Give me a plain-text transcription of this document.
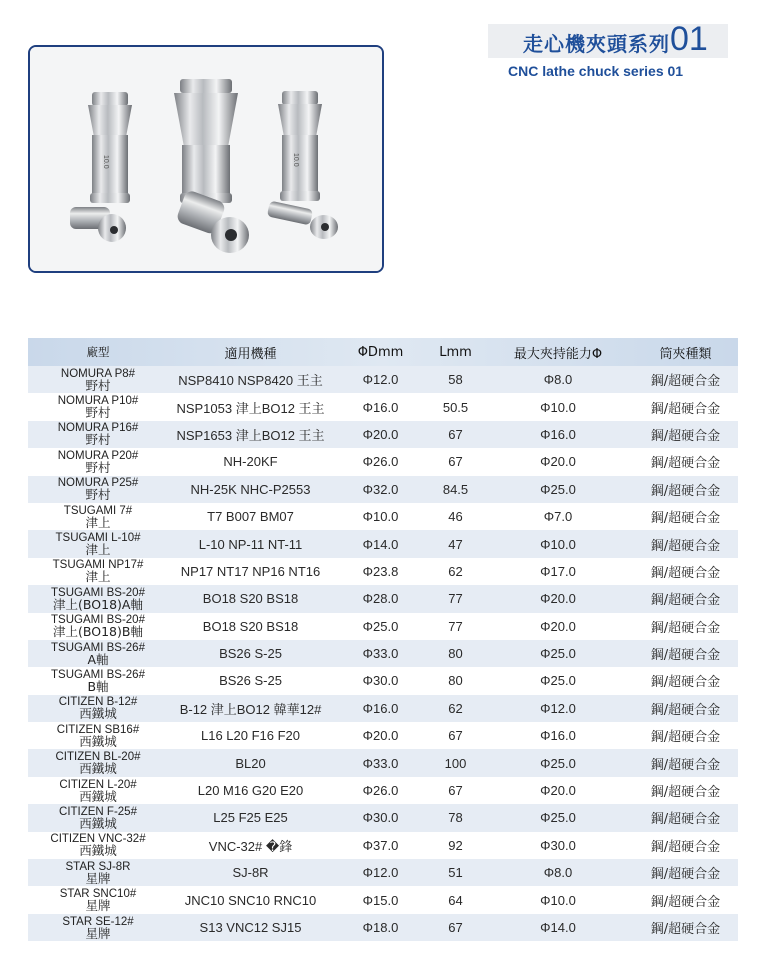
走心機夾頭系列 01
CNC lathe chuck series 01
10.0	10.0
廠型	適用機種	ΦDmm	Lmm	最大夾持能力Φ	筒夾種類
NOMURA P8#
野村	NSP8410 NSP8420 王主	Φ12.0	58	Φ8.0	鋼/超硬合金
NOMURA P10#
野村	NSP1053 津上BO12 王主	Φ16.0	50.5	Φ10.0	鋼/超硬合金
NOMURA P16#
野村	NSP1653 津上BO12 王主	Φ20.0	67	Φ16.0	鋼/超硬合金
NOMURA P20#
野村	NH-20KF	Φ26.0	67	Φ20.0	鋼/超硬合金
NOMURA P25#
野村	NH-25K NHC-P2553	Φ32.0	84.5	Φ25.0	鋼/超硬合金
TSUGAMI 7#
津上	T7 B007 BM07	Φ10.0	46	Φ7.0	鋼/超硬合金
TSUGAMI L-10#
津上	L-10 NP-11 NT-11	Φ14.0	47	Φ10.0	鋼/超硬合金
TSUGAMI NP17#
津上	NP17 NT17 NP16 NT16	Φ23.8	62	Φ17.0	鋼/超硬合金
TSUGAMI BS-20#
津上(BO18)A軸	BO18 S20 BS18	Φ28.0	77	Φ20.0	鋼/超硬合金
TSUGAMI BS-20#
津上(BO18)B軸	BO18 S20 BS18	Φ25.0	77	Φ20.0	鋼/超硬合金
TSUGAMI BS-26#
A軸	BS26 S-25	Φ33.0	80	Φ25.0	鋼/超硬合金
TSUGAMI BS-26#
B軸	BS26 S-25	Φ30.0	80	Φ25.0	鋼/超硬合金
CITIZEN B-12#
西鐵城	B-12 津上BO12 韓華12#	Φ16.0	62	Φ12.0	鋼/超硬合金
CITIZEN SB16#
西鐵城	L16 L20 F16 F20	Φ20.0	67	Φ16.0	鋼/超硬合金
CITIZEN BL-20#
西鐵城	BL20	Φ33.0	100	Φ25.0	鋼/超硬合金
CITIZEN L-20#
西鐵城	L20 M16 G20 E20	Φ26.0	67	Φ20.0	鋼/超硬合金
CITIZEN F-25#
西鐵城	L25 F25 E25	Φ30.0	78	Φ25.0	鋼/超硬合金
CITIZEN VNC-32#
西鐵城	VNC-32# �鋒	Φ37.0	92	Φ30.0	鋼/超硬合金
STAR SJ-8R
星牌	SJ-8R	Φ12.0	51	Φ8.0	鋼/超硬合金
STAR SNC10#
星牌	JNC10 SNC10 RNC10	Φ15.0	64	Φ10.0	鋼/超硬合金
STAR SE-12#
星牌	S13 VNC12 SJ15	Φ18.0	67	Φ14.0	鋼/超硬合金
